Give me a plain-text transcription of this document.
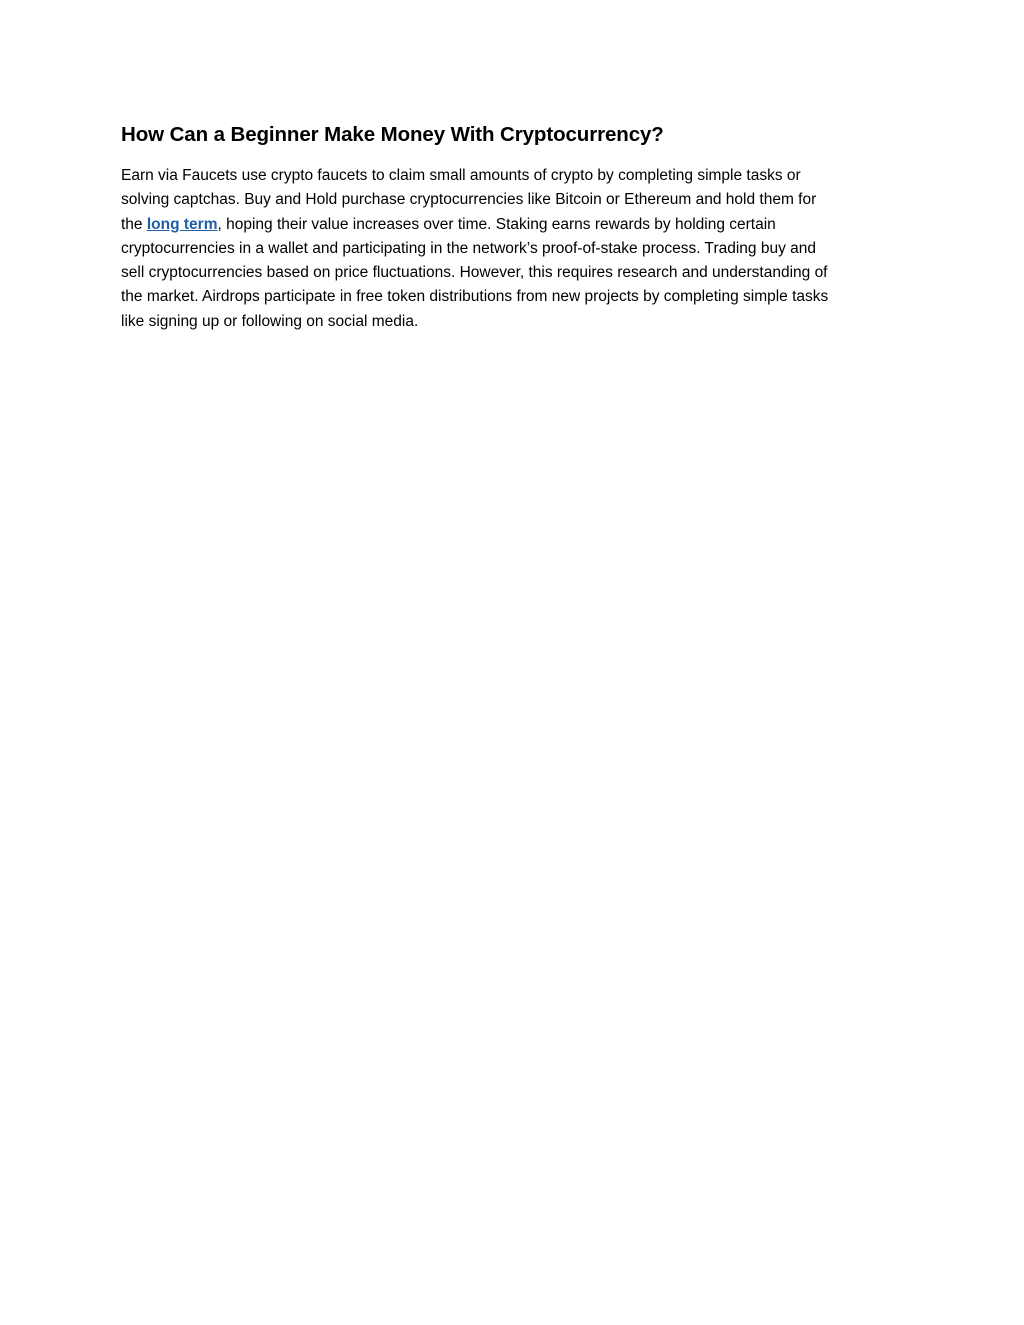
How Can a Beginner Make Money With Cryptocurrency?

Earn via Faucets use crypto faucets to claim small amounts of crypto by completing simple tasks or
solving captchas. Buy and Hold purchase cryptocurrencies like Bitcoin or Ethereum and hold them for
the long term, hoping their value increases over time. Staking earns rewards by holding certain
cryptocurrencies in a wallet and participating in the network’s proof-of-stake process. Trading buy and
sell cryptocurrencies based on price fluctuations. However, this requires research and understanding of
the market. Airdrops participate in free token distributions from new projects by completing simple tasks
like signing up or following on social media.
